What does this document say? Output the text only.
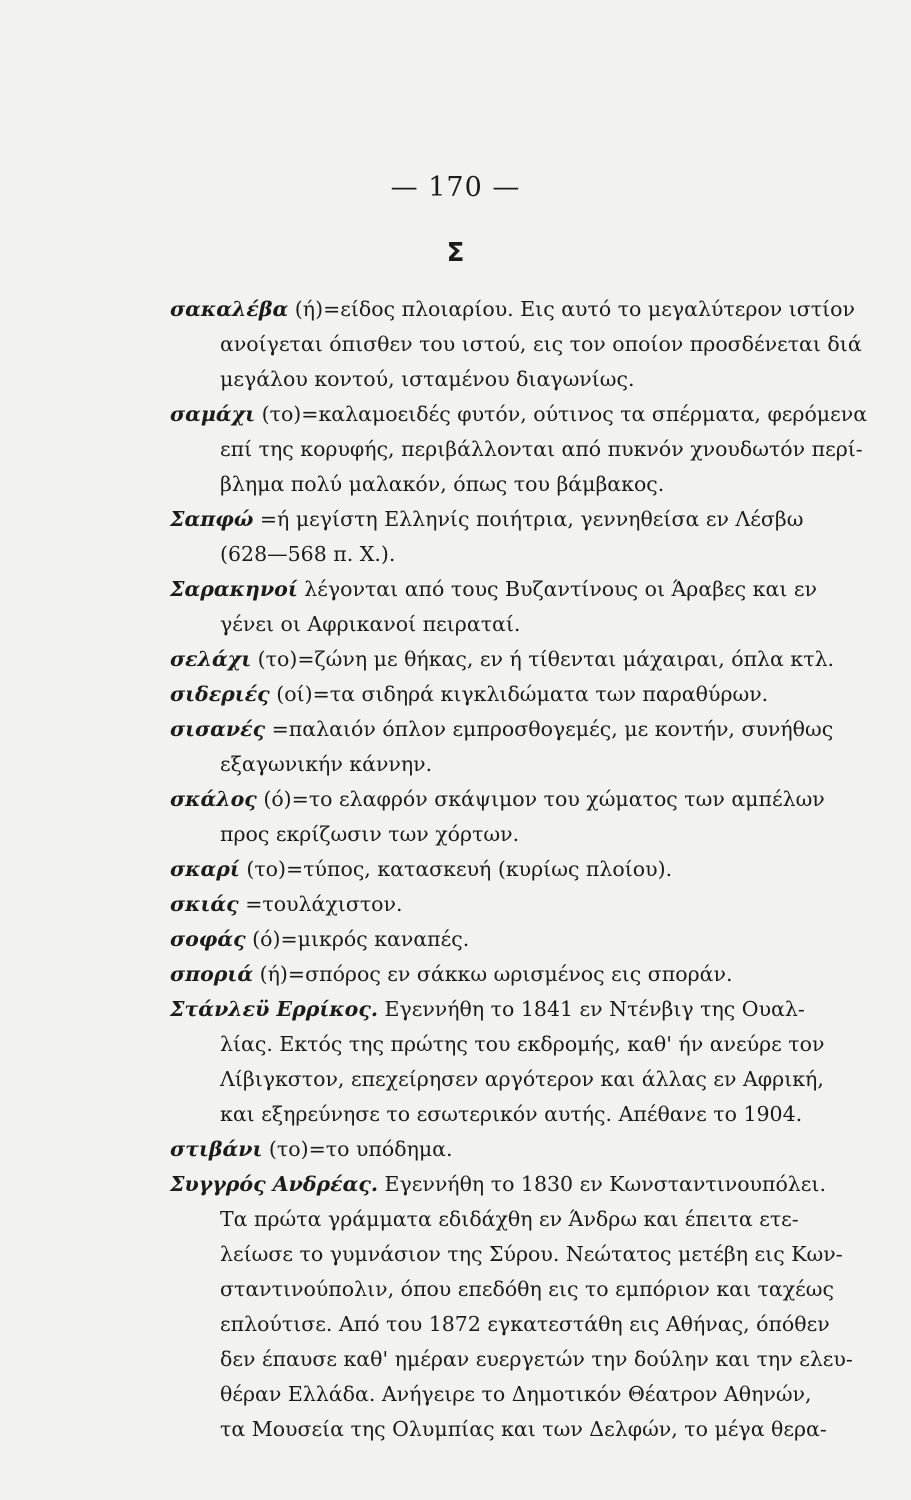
— 170 —
Σ
σακαλέβα (ή)=είδος πλοιαρίου. Εις αυτό το μεγαλύτερον ιστίον
ανοίγεται όπισθεν του ιστού, εις τον οποίον προσδένεται διά
μεγάλου κοντού, ισταμένου διαγωνίως.
σαμάχι (το)=καλαμοειδές φυτόν, ούτινος τα σπέρματα, φερόμενα
επί της κορυφής, περιβάλλονται από πυκνόν χνουδωτόν περί-
βλημα πολύ μαλακόν, όπως του βάμβακος.
Σαπφώ =ή μεγίστη Ελληνίς ποιήτρια, γεννηθείσα εν Λέσβω
(628—568 π. Χ.).
Σαρακηνοί λέγονται από τους Βυζαντίνους οι Άραβες και εν
γένει οι Αφρικανοί πειραταί.
σελάχι (το)=ζώνη με θήκας, εν ή τίθενται μάχαιραι, όπλα κτλ.
σιδεριές (οί)=τα σιδηρά κιγκλιδώματα των παραθύρων.
σισανές =παλαιόν όπλον εμπροσθογεμές, με κοντήν, συνήθως
εξαγωνικήν κάννην.
σκάλος (ό)=το ελαφρόν σκάψιμον του χώματος των αμπέλων
προς εκρίζωσιν των χόρτων.
σκαρί (το)=τύπος, κατασκευή (κυρίως πλοίου).
σκιάς =τουλάχιστον.
σοφάς (ό)=μικρός καναπές.
σποριά (ή)=σπόρος εν σάκκω ωρισμένος εις σποράν.
Στάνλεϋ Ερρίκος. Εγεννήθη το 1841 εν Ντένβιγ της Ουαλ-
λίας. Εκτός της πρώτης του εκδρομής, καθ' ήν ανεύρε τον
Λίβιγκστον, επεχείρησεν αργότερον και άλλας εν Αφρική,
και εξηρεύνησε το εσωτερικόν αυτής. Απέθανε το 1904.
στιβάνι (το)=το υπόδημα.
Συγγρός Ανδρέας. Εγεννήθη το 1830 εν Κωνσταντινουπόλει.
Τα πρώτα γράμματα εδιδάχθη εν Άνδρω και έπειτα ετε-
λείωσε το γυμνάσιον της Σύρου. Νεώτατος μετέβη εις Κων-
σταντινούπολιν, όπου επεδόθη εις το εμπόριον και ταχέως
επλούτισε. Από του 1872 εγκατεστάθη εις Αθήνας, όπόθεν
δεν έπαυσε καθ' ημέραν ευεργετών την δούλην και την ελευ-
θέραν Ελλάδα. Ανήγειρε το Δημοτικόν Θέατρον Αθηνών,
τα Μουσεία της Ολυμπίας και των Δελφών, το μέγα θερα-
